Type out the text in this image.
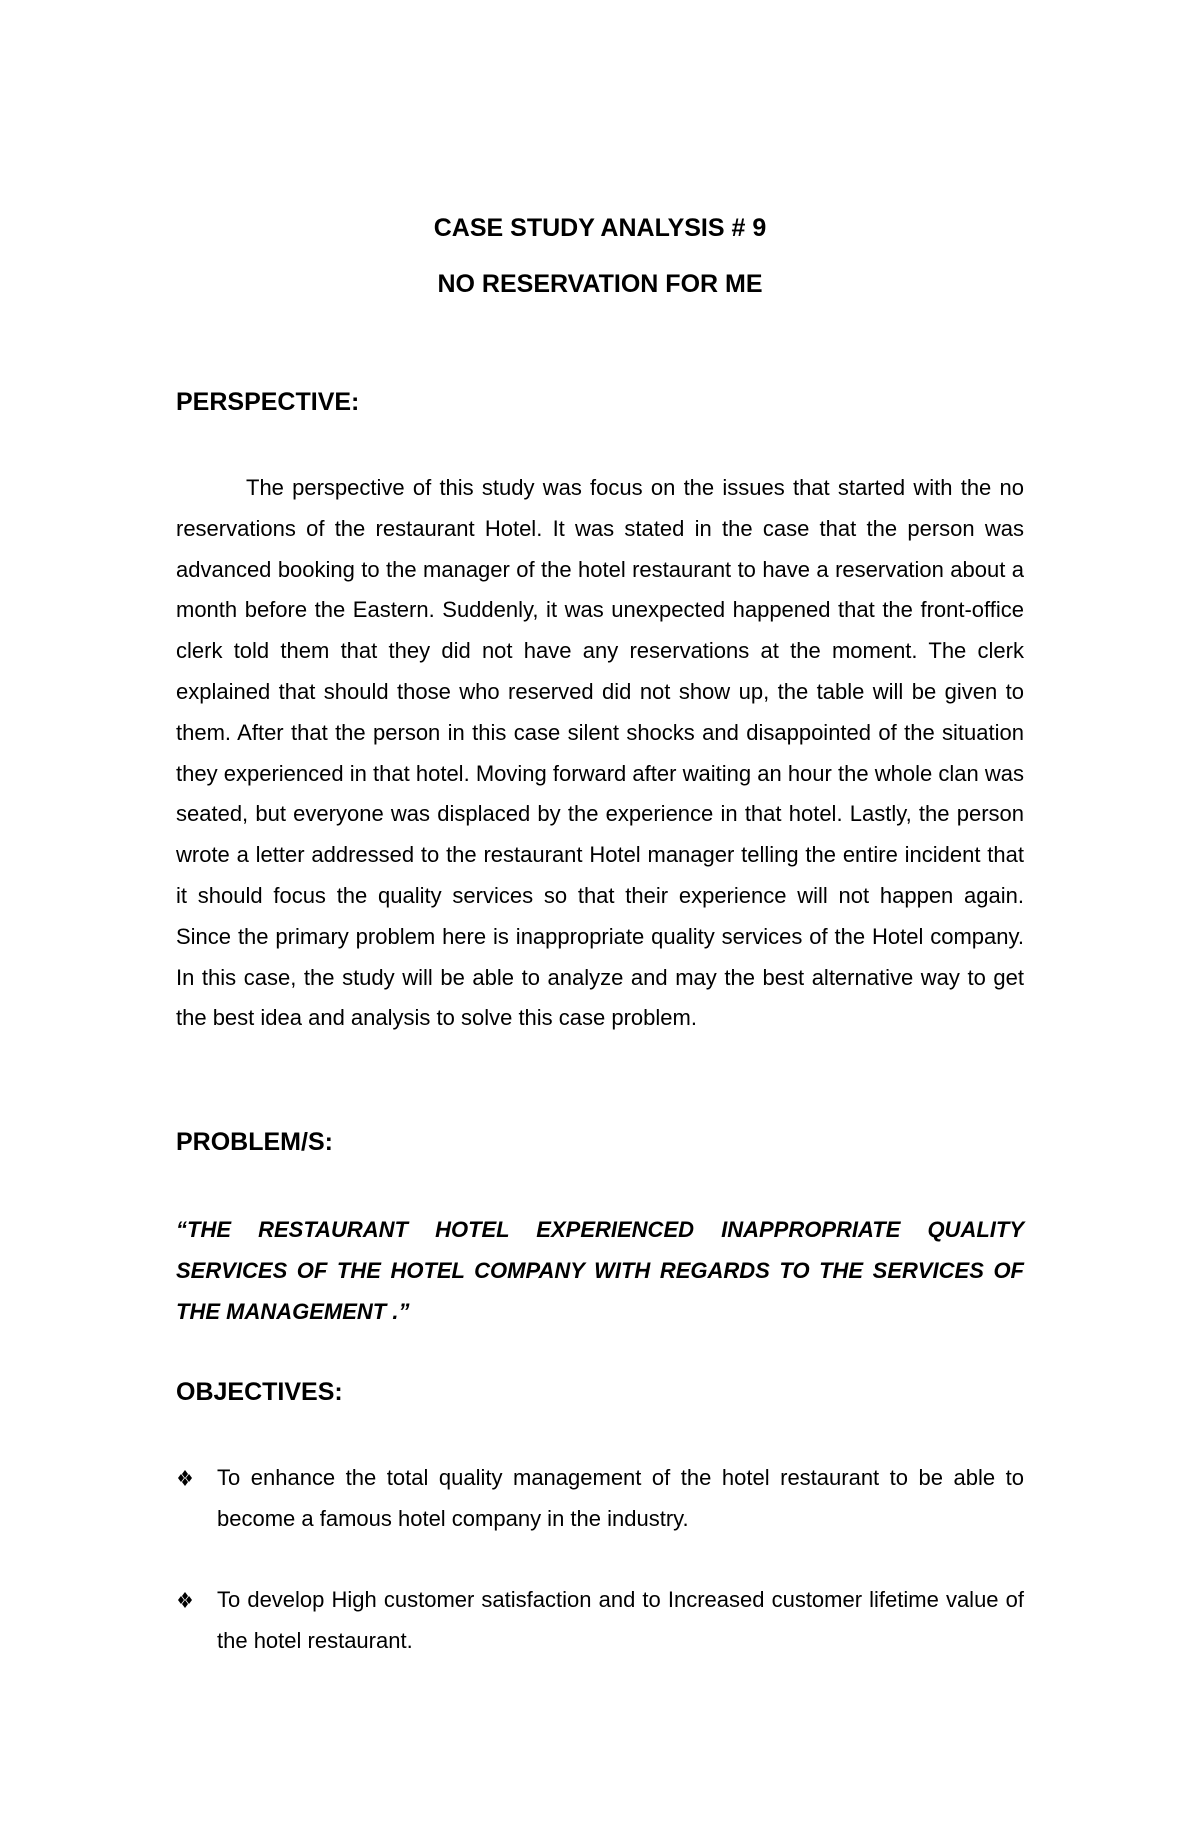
CASE STUDY ANALYSIS # 9
NO RESERVATION FOR ME
PERSPECTIVE:

The perspective of this study was focus on the issues that started with the no reservations of the restaurant Hotel. It was stated in the case that the person was advanced booking to the manager of the hotel restaurant to have a reservation about a month before the Eastern. Suddenly, it was unexpected happened that the front-office clerk told them that they did not have any reservations at the moment. The clerk explained that should those who reserved did not show up, the table will be given to them. After that the person in this case silent shocks and disappointed of the situation they experienced in that hotel. Moving forward after waiting an hour the whole clan was seated, but everyone was displaced by the experience in that hotel. Lastly, the person wrote a letter addressed to the restaurant Hotel manager telling the entire incident that it should focus the quality services so that their experience will not happen again. Since the primary problem here is inappropriate quality services of the Hotel company. In this case, the study will be able to analyze and may the best alternative way to get the best idea and analysis to solve this case problem.

PROBLEM/S:

“THE RESTAURANT HOTEL EXPERIENCED INAPPROPRIATE QUALITY SERVICES OF THE HOTEL COMPANY WITH REGARDS TO THE SERVICES OF THE MANAGEMENT .”

OBJECTIVES:

To enhance the total quality management of the hotel restaurant to be able to become a famous hotel company in the industry.

To develop High customer satisfaction and to Increased customer lifetime value of the hotel restaurant.
